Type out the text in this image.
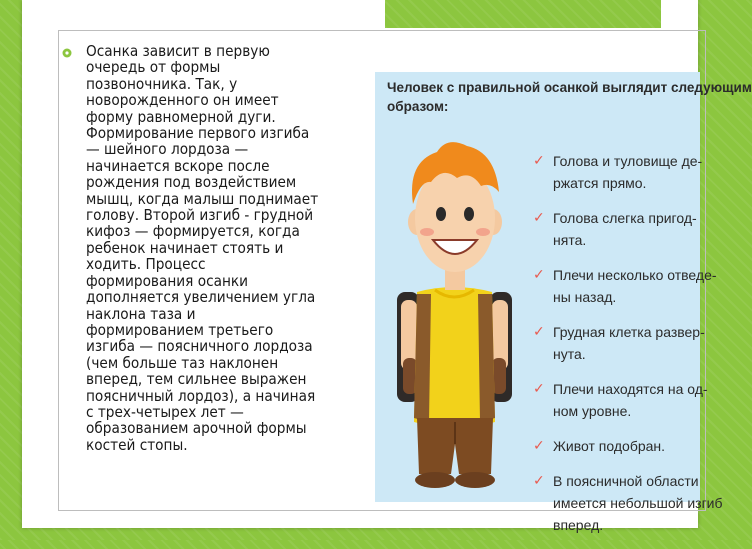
Осанка зависит в первую
очередь от формы
позвоночника. Так, у
новорожденного он имеет
форму равномерной дуги.
Формирование первого изгиба
— шейного лордоза —
начинается вскоре после
рождения под воздействием
мышц, когда малыш поднимает
голову. Второй изгиб - грудной
кифоз — формируется, когда
ребенок начинает стоять и
ходить. Процесс
формирования осанки
дополняется увеличением угла
наклона таза и
формированием третьего
изгиба — поясничного лордоза
(чем больше таз наклонен
вперед, тем сильнее выражен
поясничный лордоз), а начиная
с трех-четырех лет —
образованием арочной формы
костей стопы.
Человек с правильной осанкой выглядит следующим
образом:
✓ Голова и туловище де-
ржатся прямо.
✓ Голова слегка пригод-
нята.
✓ Плечи несколько отведе-
ны назад.
✓ Грудная клетка развер-
нута.
✓ Плечи находятся на од-
ном уровне.
✓ Живот подобран.
✓ В поясничной области
имеется небольшой изгиб
вперед.
